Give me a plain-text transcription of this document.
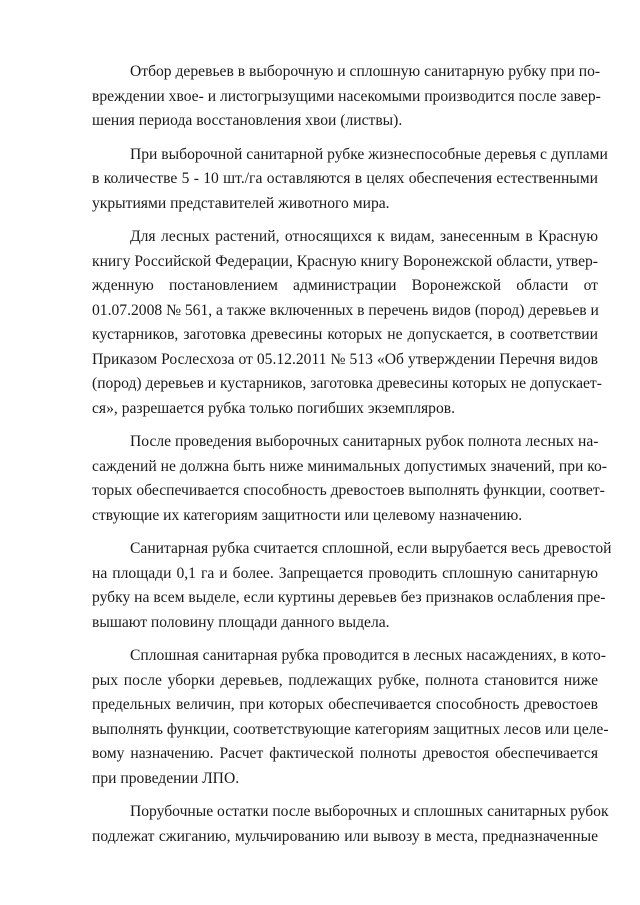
Отбор деревьев в выборочную и сплошную санитарную рубку при по-
вреждении хвое- и листогрызущими насекомыми производится после завер-
шения периода восстановления хвои (листвы).
При выборочной санитарной рубке жизнеспособные деревья с дуплами
в количестве 5 - 10 шт./га оставляются в целях обеспечения естественными
укрытиями представителей животного мира.
Для лесных растений, относящихся к видам, занесенным в Красную
книгу Российской Федерации, Красную книгу Воронежской области, утвер-
жденную постановлением администрации Воронежской области от
01.07.2008 № 561, а также включенных в перечень видов (пород) деревьев и
кустарников, заготовка древесины которых не допускается, в соответствии
Приказом Рослесхоза от 05.12.2011 № 513 «Об утверждении Перечня видов
(пород) деревьев и кустарников, заготовка древесины которых не допускает-
ся», разрешается рубка только погибших экземпляров.
После проведения выборочных санитарных рубок полнота лесных на-
саждений не должна быть ниже минимальных допустимых значений, при ко-
торых обеспечивается способность древостоев выполнять функции, соответ-
ствующие их категориям защитности или целевому назначению.
Санитарная рубка считается сплошной, если вырубается весь древостой
на площади 0,1 га и более. Запрещается проводить сплошную санитарную
рубку на всем выделе, если куртины деревьев без признаков ослабления пре-
вышают половину площади данного выдела.
Сплошная санитарная рубка проводится в лесных насаждениях, в кото-
рых после уборки деревьев, подлежащих рубке, полнота становится ниже
предельных величин, при которых обеспечивается способность древостоев
выполнять функции, соответствующие категориям защитных лесов или целе-
вому назначению. Расчет фактической полноты древостоя обеспечивается
при проведении ЛПО.
Порубочные остатки после выборочных и сплошных санитарных рубок
подлежат сжиганию, мульчированию или вывозу в места, предназначенные
